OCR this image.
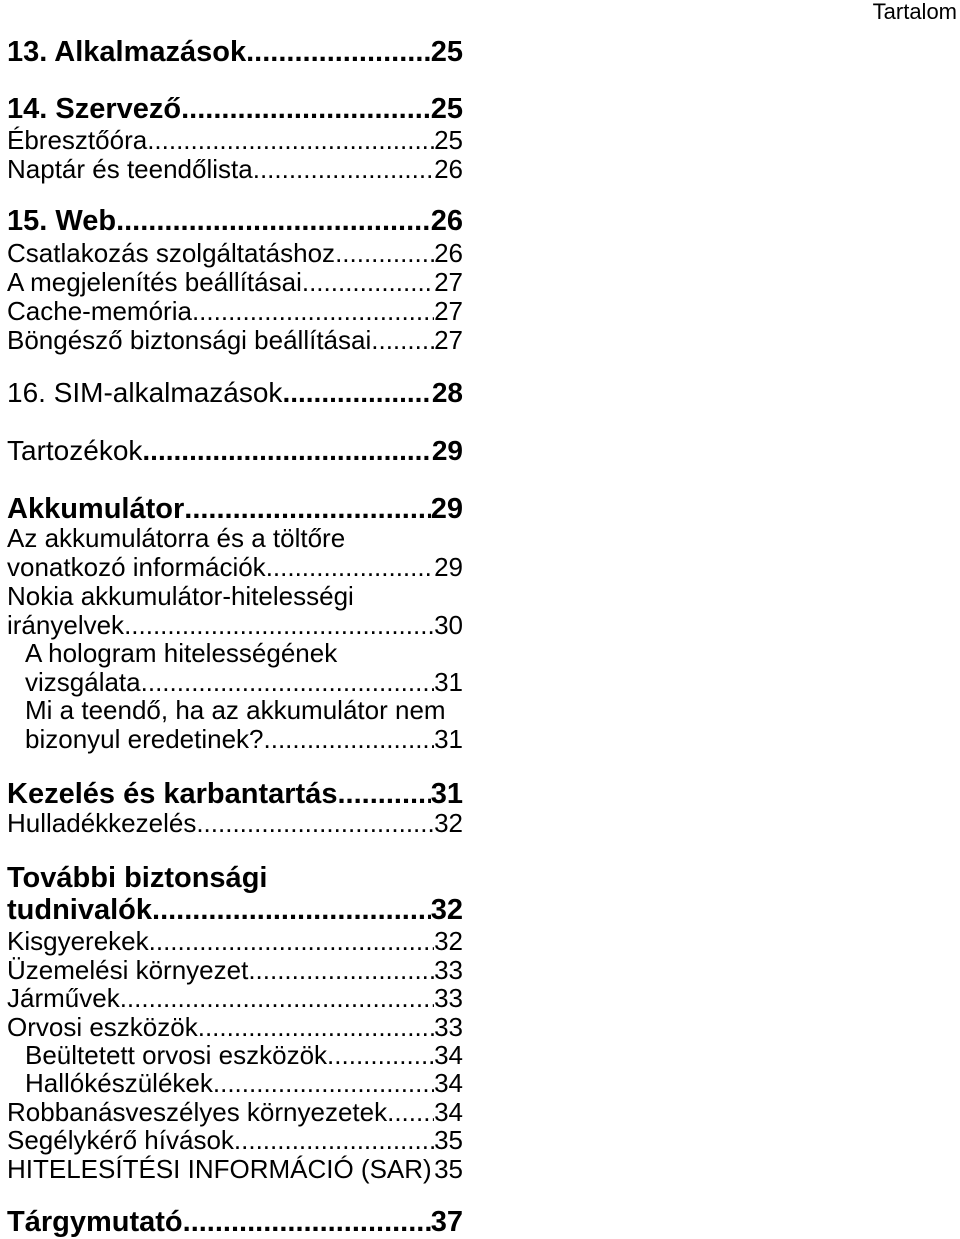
Tartalom
13. Alkalmazások .....	25
14. Szervező .....	25
Ébresztőóra .....	25
Naptár és teendőlista .....	26
15. Web .....	26
Csatlakozás szolgáltatáshoz .....	26
A megjelenítés beállításai .....	27
Cache-memória .....	27
Böngésző biztonsági beállításai ..... 27
16. SIM-alkalmazások .....	28
Tartozékok .....	29
Akkumulátor .....	29
Az akkumulátorra és a töltőre
vonatkozó információk .....	29
Nokia akkumulátor-hitelességi
irányelvek .....	30
A hologram hitelességének
vizsgálata .....	31
Mi a teendő, ha az akkumulátor nem
bizonyul eredetinek? .....	31
Kezelés és karbantartás .....	31
Hulladékkezelés .....	32
További biztonsági
tudnivalók .....	32
Kisgyerekek .....	32
Üzemelési környezet .....	33
Járművek .....	33
Orvosi eszközök .....	33
Beültetett orvosi eszközök .....	34
Hallókészülékek .....	34
Robbanásveszélyes környezetek ..... 34
Segélykérő hívások .....	35
HITELESÍTÉSI INFORMÁCIÓ (SAR) ..... 35
Tárgymutató .....	37
